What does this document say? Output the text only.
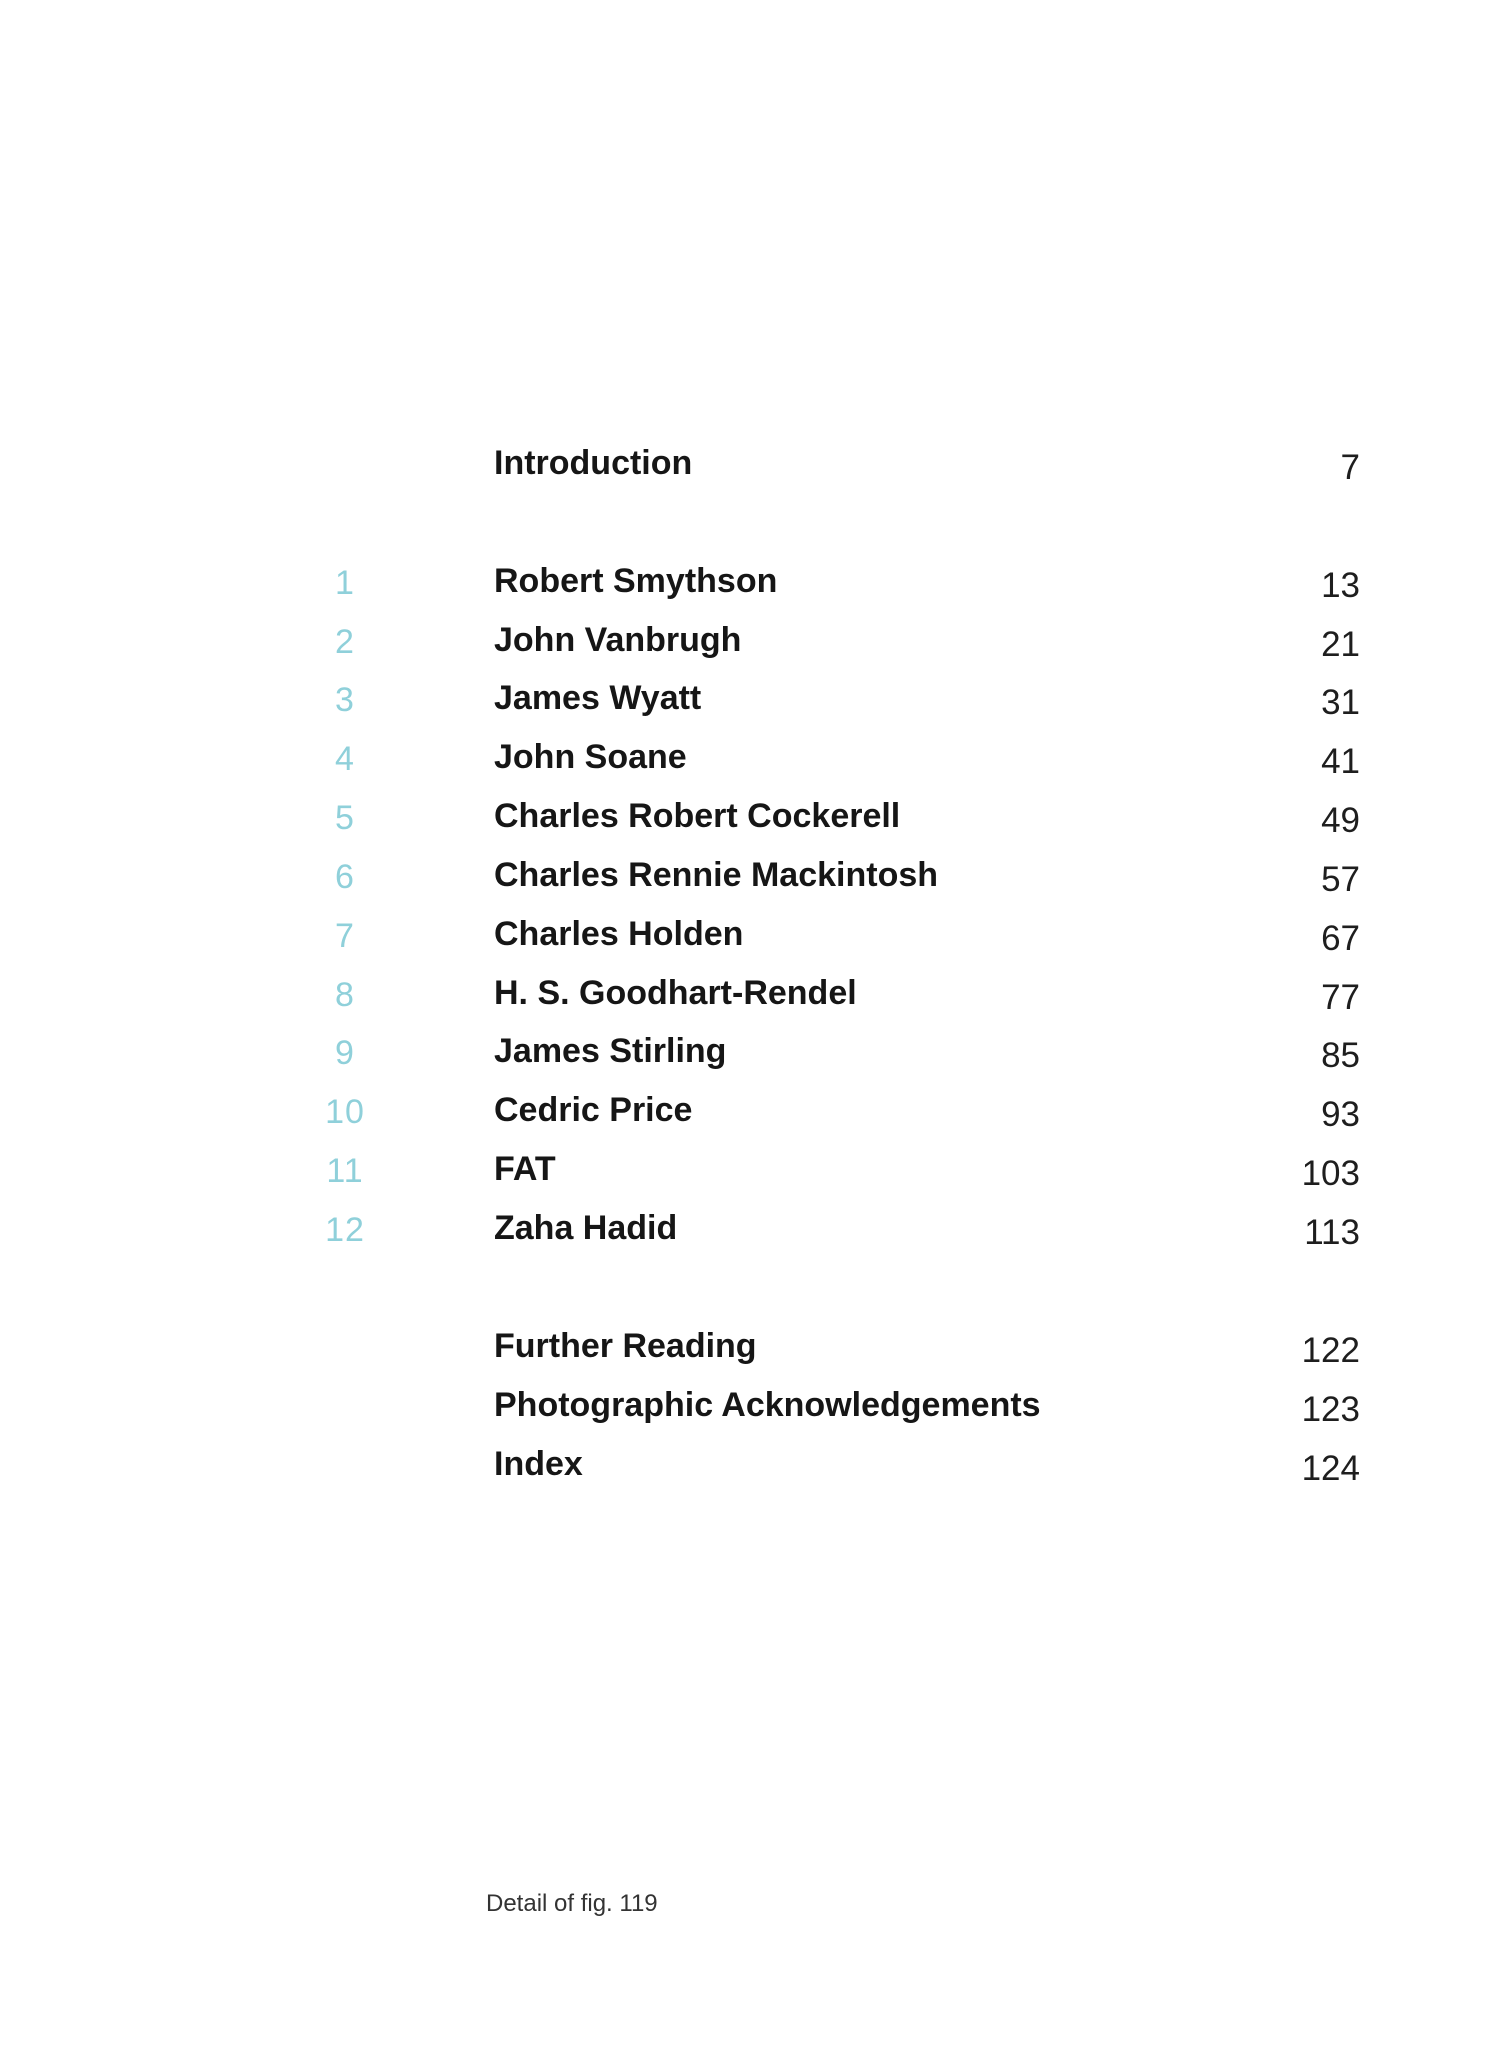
Introduction	7
1	Robert Smythson	13
2	John Vanbrugh	21
3	James Wyatt	31
4	John Soane	41
5	Charles Robert Cockerell	49
6	Charles Rennie Mackintosh	57
7	Charles Holden	67
8	H. S. Goodhart-Rendel	77
9	James Stirling	85
10	Cedric Price	93
11	FAT	103
12	Zaha Hadid	113
Further Reading	122
Photographic Acknowledgements	123
Index	124
Detail of fig. 119
